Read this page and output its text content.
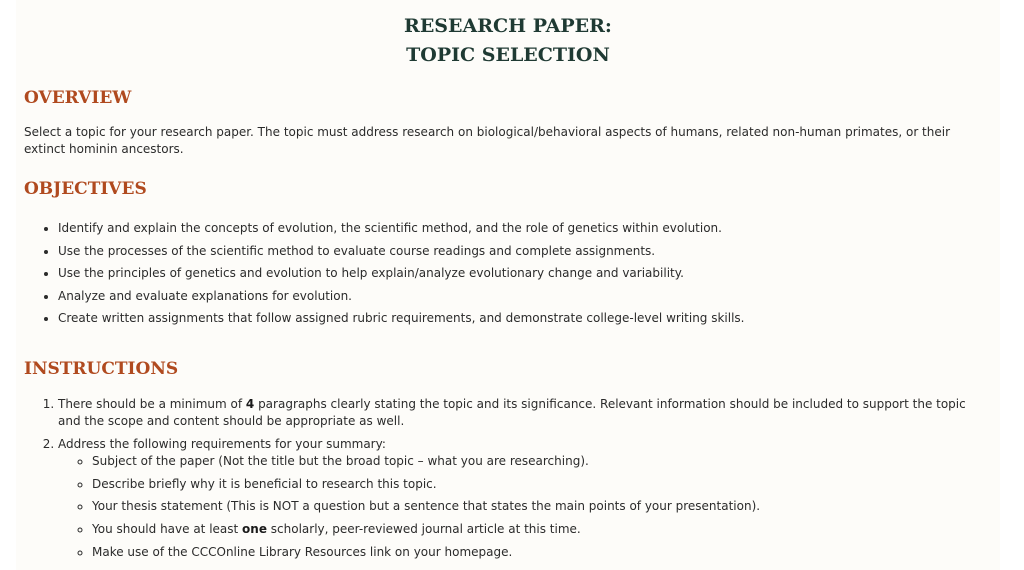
RESEARCH PAPER:
TOPIC SELECTION
OVERVIEW

Select a topic for your research paper. The topic must address research on biological/behavioral aspects of humans, related non-human primates, or their extinct hominin ancestors.

OBJECTIVES
• Identify and explain the concepts of evolution, the scientific method, and the role of genetics within evolution.
• Use the processes of the scientific method to evaluate course readings and complete assignments.
• Use the principles of genetics and evolution to help explain/analyze evolutionary change and variability.
• Analyze and evaluate explanations for evolution.
• Create written assignments that follow assigned rubric requirements, and demonstrate college-level writing skills.
INSTRUCTIONS
1. There should be a minimum of 4 paragraphs clearly stating the topic and its significance. Relevant information should be included to support the topic and the scope and content should be appropriate as well.
2. Address the following requirements for your summary:
◦ Subject of the paper (Not the title but the broad topic – what you are researching).
◦ Describe briefly why it is beneficial to research this topic.
◦ Your thesis statement (This is NOT a question but a sentence that states the main points of your presentation).
◦ You should have at least one scholarly, peer-reviewed journal article at this time.
◦ Make use of the CCCOnline Library Resources link on your homepage.
